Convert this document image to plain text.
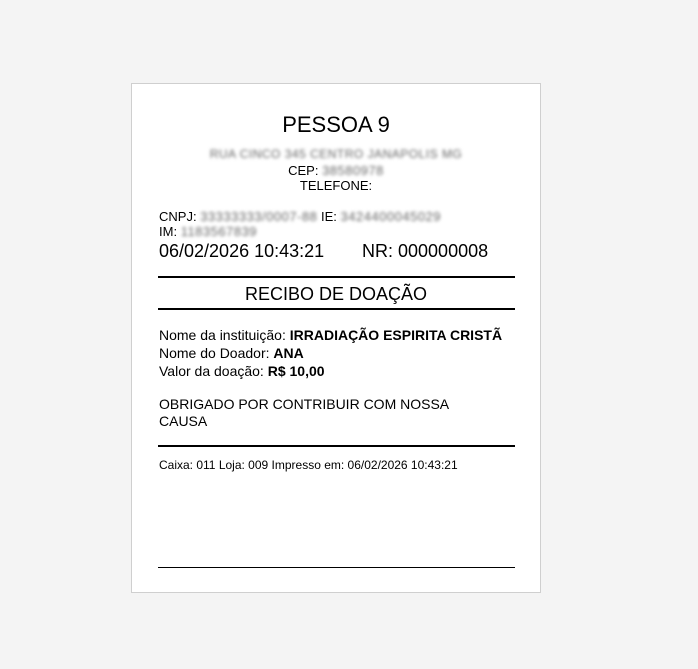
PESSOA 9
RUA CINCO 345 CENTRO JANAPOLIS MG
CEP: 38580978
TELEFONE:
CNPJ: 33333333/0007-88 IE: 3424400045029
IM: 1183567839
06/02/2026 10:43:21 NR: 000000008
RECIBO DE DOAÇÃO
Nome da instituição: IRRADIAÇÃO ESPIRITA CRISTÃ
Nome do Doador: ANA
Valor da doação: R$ 10,00
OBRIGADO POR CONTRIBUIR COM NOSSA CAUSA
Caixa: 011 Loja: 009 Impresso em: 06/02/2026 10:43:21
